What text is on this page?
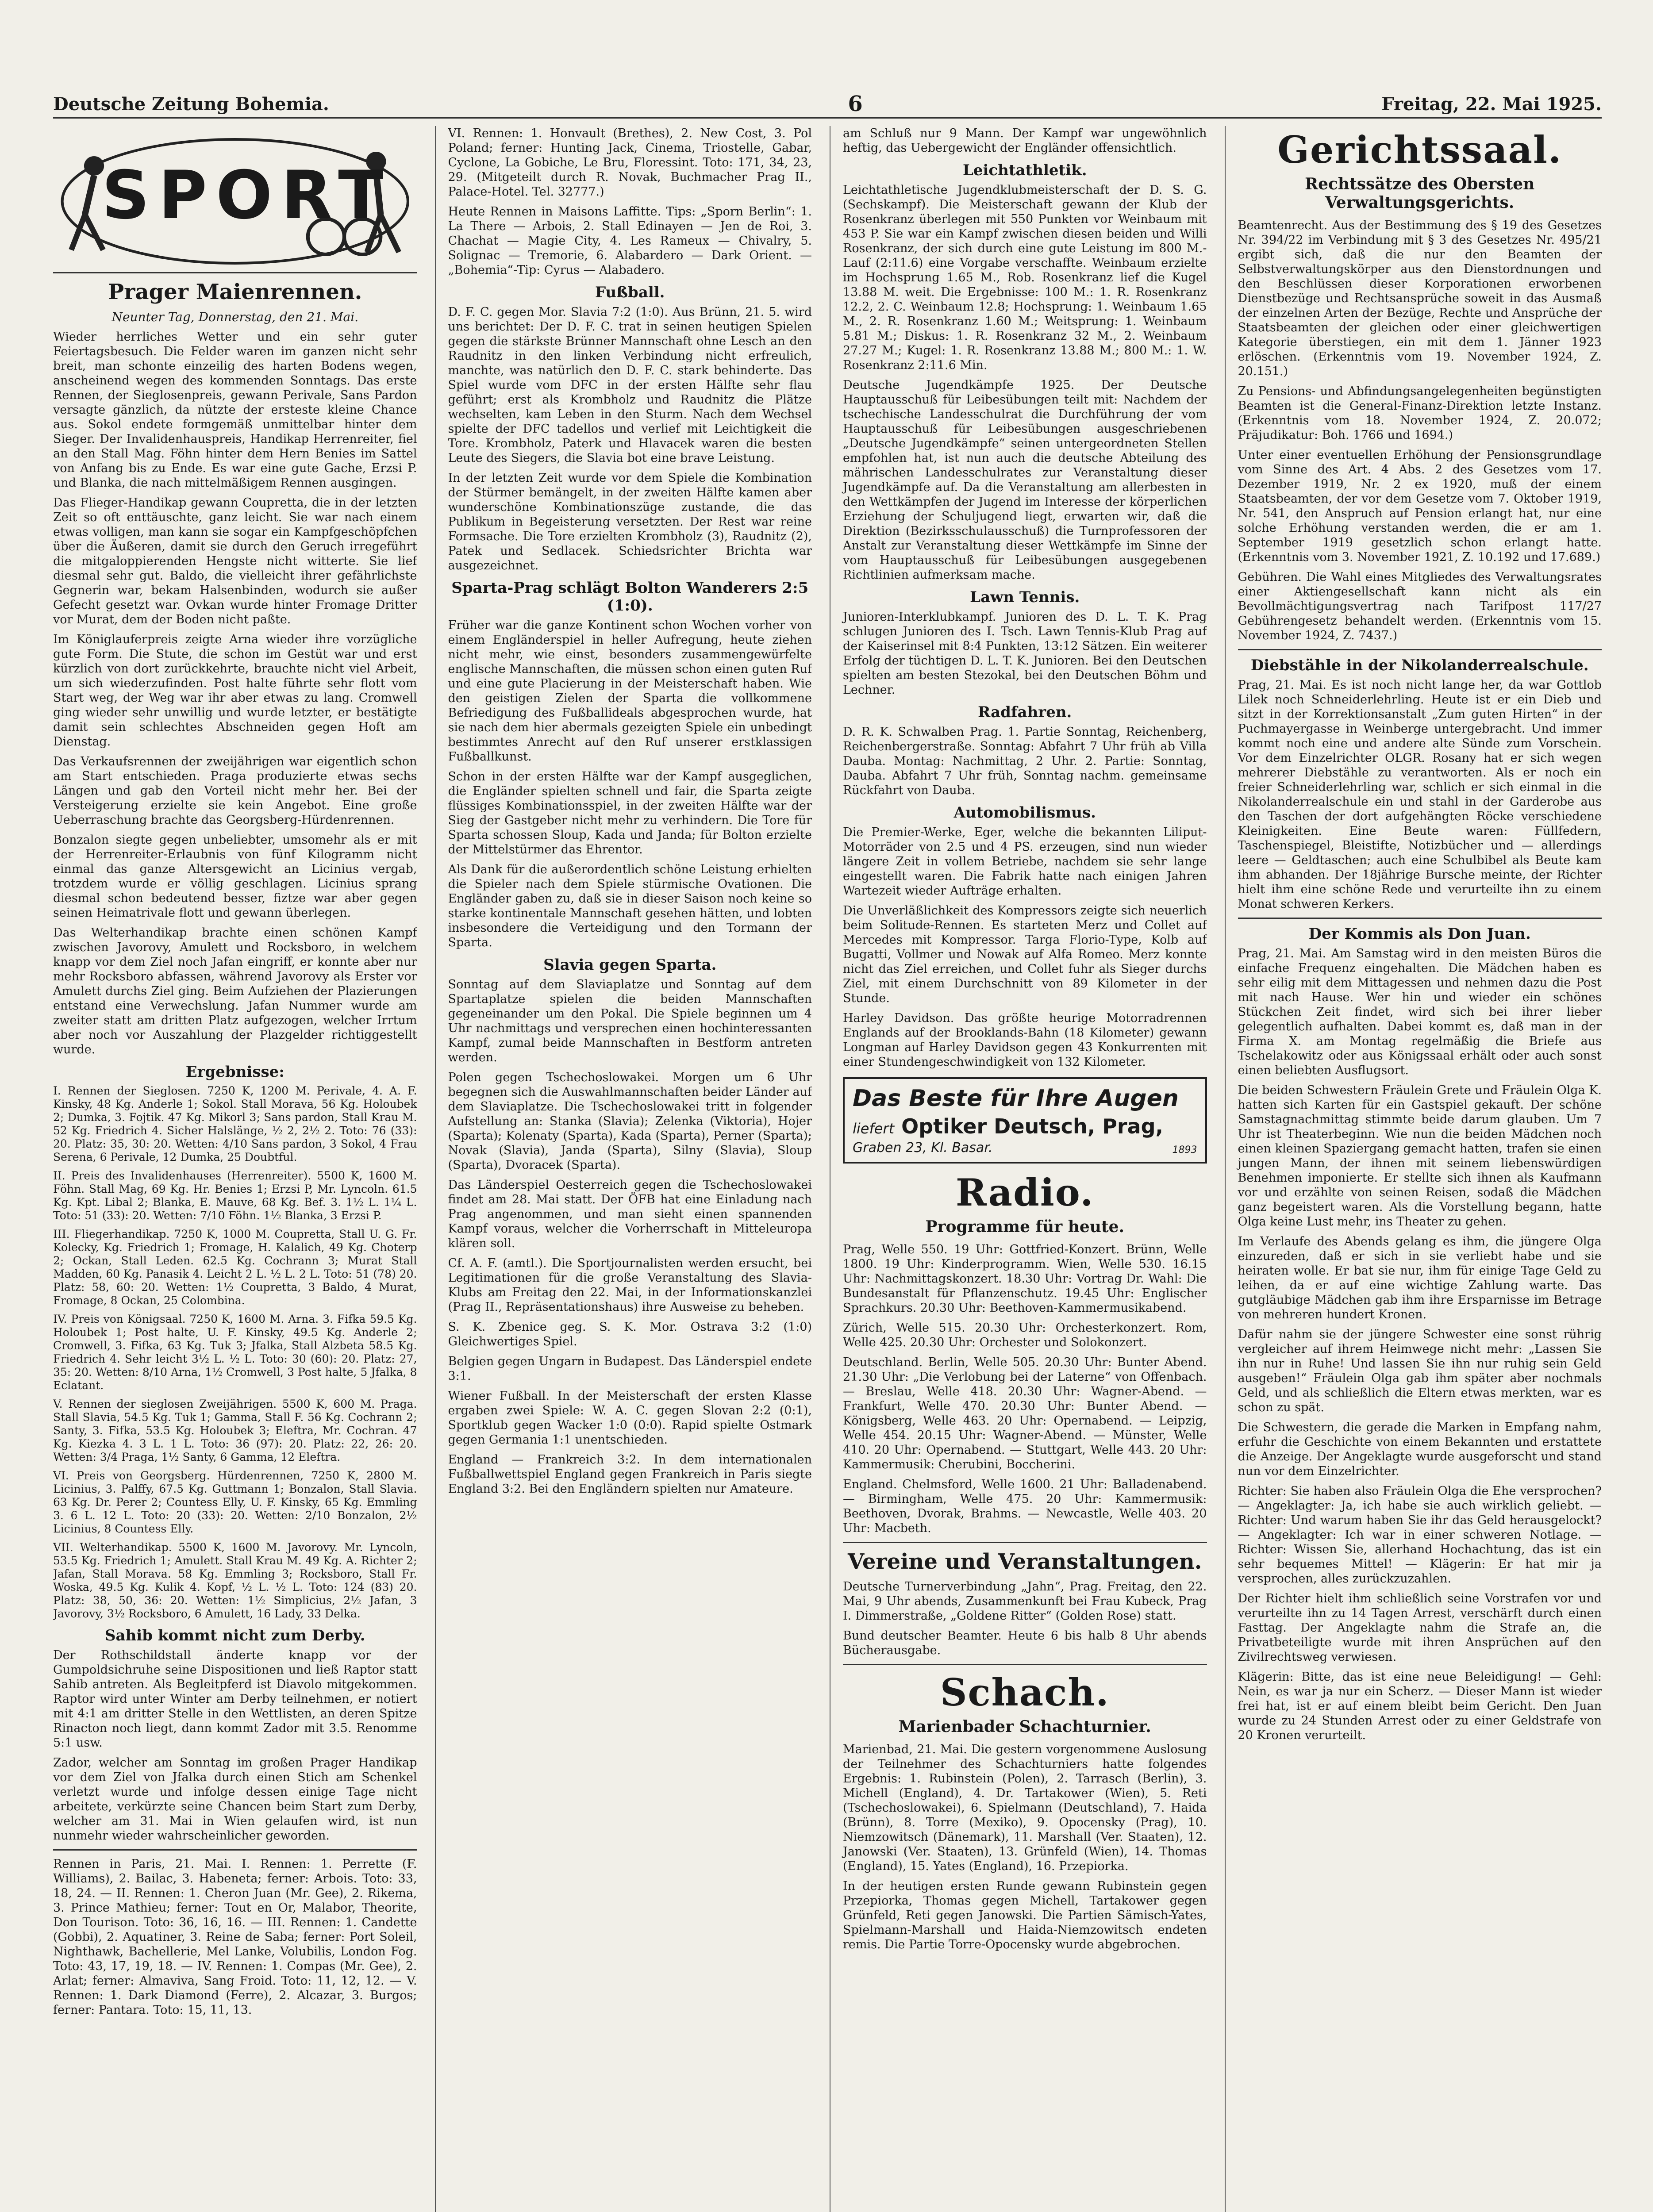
Deutsche Zeitung Bohemia.	6	Freitag, 22. Mai 1925.
SPORT
Prager Maienrennen.
Neunter Tag, Donnerstag, den 21. Mai.

Wieder herrliches Wetter und ein sehr guter Feiertagsbesuch. Die Felder waren im ganzen nicht sehr breit, man schonte einzeilig des harten Bodens wegen, anscheinend wegen des kommenden Sonntags. Das erste Rennen, der Sieglosenpreis, gewann Perivale, Sans Pardon versagte gänzlich, da nützte der ersteste kleine Chance aus. Sokol endete formgemäß unmittelbar hinter dem Sieger. Der Invalidenhauspreis, Handikap Herrenreiter, fiel an den Stall Mag. Föhn hinter dem Hern Benies im Sattel von Anfang bis zu Ende. Es war eine gute Gache, Erzsi P. und Blanka, die nach mittelmäßigem Rennen ausgingen.

Das Flieger-Handikap gewann Coupretta, die in der letzten Zeit so oft enttäuschte, ganz leicht. Sie war nach einem etwas volligen, man kann sie sogar ein Kampfgeschöpfchen über die Äußeren, damit sie durch den Geruch irregeführt die mitgaloppierenden Hengste nicht witterte. Sie lief diesmal sehr gut. Baldo, die vielleicht ihrer gefährlichste Gegnerin war, bekam Halsenbinden, wodurch sie außer Gefecht gesetzt war. Ovkan wurde hinter Fromage Dritter vor Murat, dem der Boden nicht paßte.

Im Königlauferpreis zeigte Arna wieder ihre vorzügliche gute Form. Die Stute, die schon im Gestüt war und erst kürzlich von dort zurückkehrte, brauchte nicht viel Arbeit, um sich wiederzufinden. Post halte führte sehr flott vom Start weg, der Weg war ihr aber etwas zu lang. Cromwell ging wieder sehr unwillig und wurde letzter, er bestätigte damit sein schlechtes Abschneiden gegen Hoft am Dienstag.

Das Verkaufsrennen der zweijährigen war eigentlich schon am Start entschieden. Praga produzierte etwas sechs Längen und gab den Vorteil nicht mehr her. Bei der Versteigerung erzielte sie kein Angebot. Eine große Ueberraschung brachte das Georgsberg-Hürdenrennen.

Bonzalon siegte gegen unbeliebter, umsomehr als er mit der Herrenreiter-Erlaubnis von fünf Kilogramm nicht einmal das ganze Altersgewicht an Licinius vergab, trotzdem wurde er völlig geschlagen. Licinius sprang diesmal schon bedeutend besser, fiztze war aber gegen seinen Heimatrivale flott und gewann überlegen.

Das Welterhandikap brachte einen schönen Kampf zwischen Javorovy, Amulett und Rocksboro, in welchem knapp vor dem Ziel noch Jafan eingriff, er konnte aber nur mehr Rocksboro abfassen, während Javorovy als Erster vor Amulett durchs Ziel ging. Beim Aufziehen der Plazierungen entstand eine Verwechslung. Jafan Nummer wurde am zweiter statt am dritten Platz aufgezogen, welcher Irrtum aber noch vor Auszahlung der Plazgelder richtiggestellt wurde.

Ergebnisse:

I. Rennen der Sieglosen. 7250 K, 1200 M. Perivale, 4. A. F. Kinsky, 48 Kg. Anderle 1; Sokol. Stall Morava, 56 Kg. Holoubek 2; Dumka, 3. Fojtik. 47 Kg. Mikorl 3; Sans pardon, Stall Krau M. 52 Kg. Friedrich 4. Sicher Halslänge, ½ 2, 2½ 2. Toto: 76 (33): 20. Platz: 35, 30: 20. Wetten: 4/10 Sans pardon, 3 Sokol, 4 Frau Serena, 6 Perivale, 12 Dumka, 25 Doubtful.

II. Preis des Invalidenhauses (Herrenreiter). 5500 K, 1600 M. Föhn. Stall Mag, 69 Kg. Hr. Benies 1; Erzsi P, Mr. Lyncoln. 61.5 Kg. Kpt. Libal 2; Blanka, E. Mauve, 68 Kg. Bef. 3. 1½ L. 1¼ L. Toto: 51 (33): 20. Wetten: 7/10 Föhn. 1½ Blanka, 3 Erzsi P.

III. Fliegerhandikap. 7250 K, 1000 M. Coupretta, Stall U. G. Fr. Kolecky, Kg. Friedrich 1; Fromage, H. Kalalich, 49 Kg. Choterp 2; Ockan, Stall Leden. 62.5 Kg. Cochrann 3; Murat Stall Madden, 60 Kg. Panasik 4. Leicht 2 L. ½ L. 2 L. Toto: 51 (78) 20. Platz: 58, 60: 20. Wetten: 1½ Coupretta, 3 Baldo, 4 Murat, Fromage, 8 Ockan, 25 Colombina.

IV. Preis von Königsaal. 7250 K, 1600 M. Arna. 3. Fifka 59.5 Kg. Holoubek 1; Post halte, U. F. Kinsky, 49.5 Kg. Anderle 2; Cromwell, 3. Fifka, 63 Kg. Tuk 3; Jfalka, Stall Alzbeta 58.5 Kg. Friedrich 4. Sehr leicht 3½ L. ½ L. Toto: 30 (60): 20. Platz: 27, 35: 20. Wetten: 8/10 Arna, 1½ Cromwell, 3 Post halte, 5 Jfalka, 8 Eclatant.

V. Rennen der sieglosen Zweijährigen. 5500 K, 600 M. Praga. Stall Slavia, 54.5 Kg. Tuk 1; Gamma, Stall F. 56 Kg. Cochrann 2; Santy, 3. Fifka, 53.5 Kg. Holoubek 3; Eleftra, Mr. Cochran. 47 Kg. Kiezka 4. 3 L. 1 L. Toto: 36 (97): 20. Platz: 22, 26: 20. Wetten: 3/4 Praga, 1½ Santy, 6 Gamma, 12 Eleftra.

VI. Preis von Georgsberg. Hürdenrennen, 7250 K, 2800 M. Licinius, 3. Palffy, 67.5 Kg. Guttmann 1; Bonzalon, Stall Slavia. 63 Kg. Dr. Perer 2; Countess Elly, U. F. Kinsky, 65 Kg. Emmling 3. 6 L. 12 L. Toto: 20 (33): 20. Wetten: 2/10 Bonzalon, 2½ Licinius, 8 Countess Elly.

VII. Welterhandikap. 5500 K, 1600 M. Javorovy. Mr. Lyncoln, 53.5 Kg. Friedrich 1; Amulett. Stall Krau M. 49 Kg. A. Richter 2; Jafan, Stall Morava. 58 Kg. Emmling 3; Rocksboro, Stall Fr. Woska, 49.5 Kg. Kulik 4. Kopf, ½ L. ½ L. Toto: 124 (83) 20. Platz: 38, 50, 36: 20. Wetten: 1½ Simplicius, 2½ Jafan, 3 Javorovy, 3½ Rocksboro, 6 Amulett, 16 Lady, 33 Delka.

Sahib kommt nicht zum Derby.

Der Rothschildstall änderte knapp vor der Gumpoldsichruhe seine Dispositionen und ließ Raptor statt Sahib antreten. Als Begleitpferd ist Diavolo mitgekommen. Raptor wird unter Winter am Derby teilnehmen, er notiert mit 4:1 am dritter Stelle in den Wettlisten, an deren Spitze Rinacton noch liegt, dann kommt Zador mit 3.5. Renomme 5:1 usw.

Zador, welcher am Sonntag im großen Prager Handikap vor dem Ziel von Jfalka durch einen Stich am Schenkel verletzt wurde und infolge dessen einige Tage nicht arbeitete, verkürzte seine Chancen beim Start zum Derby, welcher am 31. Mai in Wien gelaufen wird, ist nun nunmehr wieder wahrscheinlicher geworden.

Rennen in Paris, 21. Mai. I. Rennen: 1. Perrette (F. Williams), 2. Bailac, 3. Habeneta; ferner: Arbois. Toto: 33, 18, 24. — II. Rennen: 1. Cheron Juan (Mr. Gee), 2. Rikema, 3. Prince Mathieu; ferner: Tout en Or, Malabor, Theorite, Don Tourison. Toto: 36, 16, 16. — III. Rennen: 1. Candette (Gobbi), 2. Aquatiner, 3. Reine de Saba; ferner: Port Soleil, Nighthawk, Bachellerie, Mel Lanke, Volubilis, London Fog. Toto: 43, 17, 19, 18. — IV. Rennen: 1. Compas (Mr. Gee), 2. Arlat; ferner: Almaviva, Sang Froid. Toto: 11, 12, 12. — V. Rennen: 1. Dark Diamond (Ferre), 2. Alcazar, 3. Burgos; ferner: Pantara. Toto: 15, 11, 13.

VI. Rennen: 1. Honvault (Brethes), 2. New Cost, 3. Pol Poland; ferner: Hunting Jack, Cinema, Triostelle, Gabar, Cyclone, La Gobiche, Le Bru, Floressint. Toto: 171, 34, 23, 29. (Mitgeteilt durch R. Novak, Buchmacher Prag II., Palace-Hotel. Tel. 32777.)

Heute Rennen in Maisons Laffitte. Tips: „Sporn Berlin“: 1. La There — Arbois, 2. Stall Edinayen — Jen de Roi, 3. Chachat — Magie City, 4. Les Rameux — Chivalry, 5. Solignac — Tremorie, 6. Alabardero — Dark Orient. — „Bohemia“-Tip: Cyrus — Alabadero.

Fußball.

D. F. C. gegen Mor. Slavia 7:2 (1:0). Aus Brünn, 21. 5. wird uns berichtet: Der D. F. C. trat in seinen heutigen Spielen gegen die stärkste Brünner Mannschaft ohne Lesch an den Raudnitz in den linken Verbindung nicht erfreulich, manchte, was natürlich den D. F. C. stark behinderte. Das Spiel wurde vom DFC in der ersten Hälfte sehr flau geführt; erst als Krombholz und Raudnitz die Plätze wechselten, kam Leben in den Sturm. Nach dem Wechsel spielte der DFC tadellos und verlief mit Leichtigkeit die Tore. Krombholz, Paterk und Hlavacek waren die besten Leute des Siegers, die Slavia bot eine brave Leistung.

In der letzten Zeit wurde vor dem Spiele die Kombination der Stürmer bemängelt, in der zweiten Hälfte kamen aber wunderschöne Kombinationszüge zustande, die das Publikum in Begeisterung versetzten. Der Rest war reine Formsache. Die Tore erzielten Krombholz (3), Raudnitz (2), Patek und Sedlacek. Schiedsrichter Brichta war ausgezeichnet.

Sparta-Prag schlägt Bolton Wanderers 2:5 (1:0).

Früher war die ganze Kontinent schon Wochen vorher von einem Engländerspiel in heller Aufregung, heute ziehen nicht mehr, wie einst, besonders zusammengewürfelte englische Mannschaften, die müssen schon einen guten Ruf und eine gute Placierung in der Meisterschaft haben. Wie den geistigen Zielen der Sparta die vollkommene Befriedigung des Fußballideals abgesprochen wurde, hat sie nach dem hier abermals gezeigten Spiele ein unbedingt bestimmtes Anrecht auf den Ruf unserer erstklassigen Fußballkunst.

Schon in der ersten Hälfte war der Kampf ausgeglichen, die Engländer spielten schnell und fair, die Sparta zeigte flüssiges Kombinationsspiel, in der zweiten Hälfte war der Sieg der Gastgeber nicht mehr zu verhindern. Die Tore für Sparta schossen Sloup, Kada und Janda; für Bolton erzielte der Mittelstürmer das Ehrentor.

Als Dank für die außerordentlich schöne Leistung erhielten die Spieler nach dem Spiele stürmische Ovationen. Die Engländer gaben zu, daß sie in dieser Saison noch keine so starke kontinentale Mannschaft gesehen hätten, und lobten insbesondere die Verteidigung und den Tormann der Sparta.

Slavia gegen Sparta.

Sonntag auf dem Slaviaplatze und Sonntag auf dem Spartaplatze spielen die beiden Mannschaften gegeneinander um den Pokal. Die Spiele beginnen um 4 Uhr nachmittags und versprechen einen hochinteressanten Kampf, zumal beide Mannschaften in Bestform antreten werden.

Polen gegen Tschechoslowakei. Morgen um 6 Uhr begegnen sich die Auswahlmannschaften beider Länder auf dem Slaviaplatze. Die Tschechoslowakei tritt in folgender Aufstellung an: Stanka (Slavia); Zelenka (Viktoria), Hojer (Sparta); Kolenaty (Sparta), Kada (Sparta), Perner (Sparta); Novak (Slavia), Janda (Sparta), Silny (Slavia), Sloup (Sparta), Dvoracek (Sparta).

Das Länderspiel Oesterreich gegen die Tschechoslowakei findet am 28. Mai statt. Der ÖFB hat eine Einladung nach Prag angenommen, und man sieht einen spannenden Kampf voraus, welcher die Vorherrschaft in Mitteleuropa klären soll.

Cf. A. F. (amtl.). Die Sportjournalisten werden ersucht, bei Legitimationen für die große Veranstaltung des Slavia-Klubs am Freitag den 22. Mai, in der Informationskanzlei (Prag II., Repräsentationshaus) ihre Ausweise zu beheben.

S. K. Zbenice geg. S. K. Mor. Ostrava 3:2 (1:0) Gleichwertiges Spiel.

Belgien gegen Ungarn in Budapest. Das Länderspiel endete 3:1.

Wiener Fußball. In der Meisterschaft der ersten Klasse ergaben zwei Spiele: W. A. C. gegen Slovan 2:2 (0:1), Sportklub gegen Wacker 1:0 (0:0). Rapid spielte Ostmark gegen Germania 1:1 unentschieden.

England — Frankreich 3:2. In dem internationalen Fußballwettspiel England gegen Frankreich in Paris siegte England 3:2. Bei den Engländern spielten nur Amateure.

am Schluß nur 9 Mann. Der Kampf war ungewöhnlich heftig, das Uebergewicht der Engländer offensichtlich.

Leichtathletik.

Leichtathletische Jugendklubmeisterschaft der D. S. G. (Sechskampf). Die Meisterschaft gewann der Klub der Rosenkranz überlegen mit 550 Punkten vor Weinbaum mit 453 P. Sie war ein Kampf zwischen diesen beiden und Willi Rosenkranz, der sich durch eine gute Leistung im 800 M.-Lauf (2:11.6) eine Vorgabe verschaffte. Weinbaum erzielte im Hochsprung 1.65 M., Rob. Rosenkranz lief die Kugel 13.88 M. weit. Die Ergebnisse: 100 M.: 1. R. Rosenkranz 12.2, 2. C. Weinbaum 12.8; Hochsprung: 1. Weinbaum 1.65 M., 2. R. Rosenkranz 1.60 M.; Weitsprung: 1. Weinbaum 5.81 M.; Diskus: 1. R. Rosenkranz 32 M., 2. Weinbaum 27.27 M.; Kugel: 1. R. Rosenkranz 13.88 M.; 800 M.: 1. W. Rosenkranz 2:11.6 Min.

Deutsche Jugendkämpfe 1925. Der Deutsche Hauptausschuß für Leibesübungen teilt mit: Nachdem der tschechische Landesschulrat die Durchführung der vom Hauptausschuß für Leibesübungen ausgeschriebenen „Deutsche Jugendkämpfe“ seinen untergeordneten Stellen empfohlen hat, ist nun auch die deutsche Abteilung des mährischen Landesschulrates zur Veranstaltung dieser Jugendkämpfe auf. Da die Veranstaltung am allerbesten in den Wettkämpfen der Jugend im Interesse der körperlichen Erziehung der Schuljugend liegt, erwarten wir, daß die Direktion (Bezirksschulausschuß) die Turnprofessoren der Anstalt zur Veranstaltung dieser Wettkämpfe im Sinne der vom Hauptausschuß für Leibesübungen ausgegebenen Richtlinien aufmerksam mache.

Lawn Tennis.

Junioren-Interklubkampf. Junioren des D. L. T. K. Prag schlugen Junioren des I. Tsch. Lawn Tennis-Klub Prag auf der Kaiserinsel mit 8:4 Punkten, 13:12 Sätzen. Ein weiterer Erfolg der tüchtigen D. L. T. K. Junioren. Bei den Deutschen spielten am besten Stezokal, bei den Deutschen Böhm und Lechner.

Radfahren.

D. R. K. Schwalben Prag. 1. Partie Sonntag, Reichenberg, Reichenbergerstraße. Sonntag: Abfahrt 7 Uhr früh ab Villa Dauba. Montag: Nachmittag, 2 Uhr. 2. Partie: Sonntag, Dauba. Abfahrt 7 Uhr früh, Sonntag nachm. gemeinsame Rückfahrt von Dauba.

Automobilismus.

Die Premier-Werke, Eger, welche die bekannten Liliput-Motorräder von 2.5 und 4 PS. erzeugen, sind nun wieder längere Zeit in vollem Betriebe, nachdem sie sehr lange eingestellt waren. Die Fabrik hatte nach einigen Jahren Wartezeit wieder Aufträge erhalten.

Die Unverläßlichkeit des Kompressors zeigte sich neuerlich beim Solitude-Rennen. Es starteten Merz und Collet auf Mercedes mit Kompressor. Targa Florio-Type, Kolb auf Bugatti, Vollmer und Nowak auf Alfa Romeo. Merz konnte nicht das Ziel erreichen, und Collet fuhr als Sieger durchs Ziel, mit einem Durchschnitt von 89 Kilometer in der Stunde.

Harley Davidson. Das größte heurige Motorradrennen Englands auf der Brooklands-Bahn (18 Kilometer) gewann Longman auf Harley Davidson gegen 43 Konkurrenten mit einer Stundengeschwindigkeit von 132 Kilometer.

Das Beste für Ihre Augen
liefert Optiker Deutsch, Prag,
Graben 23, Kl. Basar.	1893
Radio.
Programme für heute.

Prag, Welle 550. 19 Uhr: Gottfried-Konzert. Brünn, Welle 1800. 19 Uhr: Kinderprogramm. Wien, Welle 530. 16.15 Uhr: Nachmittagskonzert. 18.30 Uhr: Vortrag Dr. Wahl: Die Bundesanstalt für Pflanzenschutz. 19.45 Uhr: Englischer Sprachkurs. 20.30 Uhr: Beethoven-Kammermusikabend.

Zürich, Welle 515. 20.30 Uhr: Orchesterkonzert. Rom, Welle 425. 20.30 Uhr: Orchester und Solokonzert.

Deutschland. Berlin, Welle 505. 20.30 Uhr: Bunter Abend. 21.30 Uhr: „Die Verlobung bei der Laterne“ von Offenbach. — Breslau, Welle 418. 20.30 Uhr: Wagner-Abend. — Frankfurt, Welle 470. 20.30 Uhr: Bunter Abend. — Königsberg, Welle 463. 20 Uhr: Opernabend. — Leipzig, Welle 454. 20.15 Uhr: Wagner-Abend. — Münster, Welle 410. 20 Uhr: Opernabend. — Stuttgart, Welle 443. 20 Uhr: Kammermusik: Cherubini, Boccherini.

England. Chelmsford, Welle 1600. 21 Uhr: Balladenabend. — Birmingham, Welle 475. 20 Uhr: Kammermusik: Beethoven, Dvorak, Brahms. — Newcastle, Welle 403. 20 Uhr: Macbeth.

Vereine und Veranstaltungen.

Deutsche Turnerverbindung „Jahn“, Prag. Freitag, den 22. Mai, 9 Uhr abends, Zusammenkunft bei Frau Kubeck, Prag I. Dimmerstraße, „Goldene Ritter“ (Golden Rose) statt.

Bund deutscher Beamter. Heute 6 bis halb 8 Uhr abends Bücherausgabe.

Schach.
Marienbader Schachturnier.

Marienbad, 21. Mai. Die gestern vorgenommene Auslosung der Teilnehmer des Schachturniers hatte folgendes Ergebnis: 1. Rubinstein (Polen), 2. Tarrasch (Berlin), 3. Michell (England), 4. Dr. Tartakower (Wien), 5. Reti (Tschechoslowakei), 6. Spielmann (Deutschland), 7. Haida (Brünn), 8. Torre (Mexiko), 9. Opocensky (Prag), 10. Niemzowitsch (Dänemark), 11. Marshall (Ver. Staaten), 12. Janowski (Ver. Staaten), 13. Grünfeld (Wien), 14. Thomas (England), 15. Yates (England), 16. Przepiorka.

In der heutigen ersten Runde gewann Rubinstein gegen Przepiorka, Thomas gegen Michell, Tartakower gegen Grünfeld, Reti gegen Janowski. Die Partien Sämisch-Yates, Spielmann-Marshall und Haida-Niemzowitsch endeten remis. Die Partie Torre-Opocensky wurde abgebrochen.

Gerichtssaal.
Rechtssätze des Obersten Verwaltungsgerichts.

Beamtenrecht. Aus der Bestimmung des § 19 des Gesetzes Nr. 394/22 im Verbindung mit § 3 des Gesetzes Nr. 495/21 ergibt sich, daß die nur den Beamten der Selbstverwaltungskörper aus den Dienstordnungen und den Beschlüssen dieser Korporationen erworbenen Dienstbezüge und Rechtsansprüche soweit in das Ausmaß der einzelnen Arten der Bezüge, Rechte und Ansprüche der Staatsbeamten der gleichen oder einer gleichwertigen Kategorie überstiegen, ein mit dem 1. Jänner 1923 erlöschen. (Erkenntnis vom 19. November 1924, Z. 20.151.)

Zu Pensions- und Abfindungsangelegenheiten begünstigten Beamten ist die General-Finanz-Direktion letzte Instanz. (Erkenntnis vom 18. November 1924, Z. 20.072; Präjudikatur: Boh. 1766 und 1694.)

Unter einer eventuellen Erhöhung der Pensionsgrundlage vom Sinne des Art. 4 Abs. 2 des Gesetzes vom 17. Dezember 1919, Nr. 2 ex 1920, muß der einem Staatsbeamten, der vor dem Gesetze vom 7. Oktober 1919, Nr. 541, den Anspruch auf Pension erlangt hat, nur eine solche Erhöhung verstanden werden, die er am 1. September 1919 gesetzlich schon erlangt hatte. (Erkenntnis vom 3. November 1921, Z. 10.192 und 17.689.)

Gebühren. Die Wahl eines Mitgliedes des Verwaltungsrates einer Aktiengesellschaft kann nicht als ein Bevollmächtigungsvertrag nach Tarifpost 117/27 Gebührengesetz behandelt werden. (Erkenntnis vom 15. November 1924, Z. 7437.)

Diebstähle in der Nikolanderrealschule.

Prag, 21. Mai. Es ist noch nicht lange her, da war Gottlob Lilek noch Schneiderlehrling. Heute ist er ein Dieb und sitzt in der Korrektionsanstalt „Zum guten Hirten“ in der Puchmayergasse in Weinberge untergebracht. Und immer kommt noch eine und andere alte Sünde zum Vorschein. Vor dem Einzelrichter OLGR. Rosany hat er sich wegen mehrerer Diebstähle zu verantworten. Als er noch ein freier Schneiderlehrling war, schlich er sich einmal in die Nikolanderrealschule ein und stahl in der Garderobe aus den Taschen der dort aufgehängten Röcke verschiedene Kleinigkeiten. Eine Beute waren: Füllfedern, Taschenspiegel, Bleistifte, Notizbücher und — allerdings leere — Geldtaschen; auch eine Schulbibel als Beute kam ihm abhanden. Der 18jährige Bursche meinte, der Richter hielt ihm eine schöne Rede und verurteilte ihn zu einem Monat schweren Kerkers.

Der Kommis als Don Juan.

Prag, 21. Mai. Am Samstag wird in den meisten Büros die einfache Frequenz eingehalten. Die Mädchen haben es sehr eilig mit dem Mittagessen und nehmen dazu die Post mit nach Hause. Wer hin und wieder ein schönes Stückchen Zeit findet, wird sich bei ihrer lieber gelegentlich aufhalten. Dabei kommt es, daß man in der Firma X. am Montag regelmäßig die Briefe aus Tschelakowitz oder aus Königssaal erhält oder auch sonst einen beliebten Ausflugsort.

Die beiden Schwestern Fräulein Grete und Fräulein Olga K. hatten sich Karten für ein Gastspiel gekauft. Der schöne Samstagnachmittag stimmte beide darum glauben. Um 7 Uhr ist Theaterbeginn. Wie nun die beiden Mädchen noch einen kleinen Spaziergang gemacht hatten, trafen sie einen jungen Mann, der ihnen mit seinem liebenswürdigen Benehmen imponierte. Er stellte sich ihnen als Kaufmann vor und erzählte von seinen Reisen, sodaß die Mädchen ganz begeistert waren. Als die Vorstellung begann, hatte Olga keine Lust mehr, ins Theater zu gehen.

Im Verlaufe des Abends gelang es ihm, die jüngere Olga einzureden, daß er sich in sie verliebt habe und sie heiraten wolle. Er bat sie nur, ihm für einige Tage Geld zu leihen, da er auf eine wichtige Zahlung warte. Das gutgläubige Mädchen gab ihm ihre Ersparnisse im Betrage von mehreren hundert Kronen.

Dafür nahm sie der jüngere Schwester eine sonst rührig vergleicher auf ihrem Heimwege nicht mehr: „Lassen Sie ihn nur in Ruhe! Und lassen Sie ihn nur ruhig sein Geld ausgeben!“ Fräulein Olga gab ihm später aber nochmals Geld, und als schließlich die Eltern etwas merkten, war es schon zu spät.

Die Schwestern, die gerade die Marken in Empfang nahm, erfuhr die Geschichte von einem Bekannten und erstattete die Anzeige. Der Angeklagte wurde ausgeforscht und stand nun vor dem Einzelrichter.

Richter: Sie haben also Fräulein Olga die Ehe versprochen? — Angeklagter: Ja, ich habe sie auch wirklich geliebt. — Richter: Und warum haben Sie ihr das Geld herausgelockt? — Angeklagter: Ich war in einer schweren Notlage. — Richter: Wissen Sie, allerhand Hochachtung, das ist ein sehr bequemes Mittel! — Klägerin: Er hat mir ja versprochen, alles zurückzuzahlen.

Der Richter hielt ihm schließlich seine Vorstrafen vor und verurteilte ihn zu 14 Tagen Arrest, verschärft durch einen Fasttag. Der Angeklagte nahm die Strafe an, die Privatbeteiligte wurde mit ihren Ansprüchen auf den Zivilrechtsweg verwiesen.

Klägerin: Bitte, das ist eine neue Beleidigung! — Gehl: Nein, es war ja nur ein Scherz. — Dieser Mann ist wieder frei hat, ist er auf einem bleibt beim Gericht. Den Juan wurde zu 24 Stunden Arrest oder zu einer Geldstrafe von 20 Kronen verurteilt.
